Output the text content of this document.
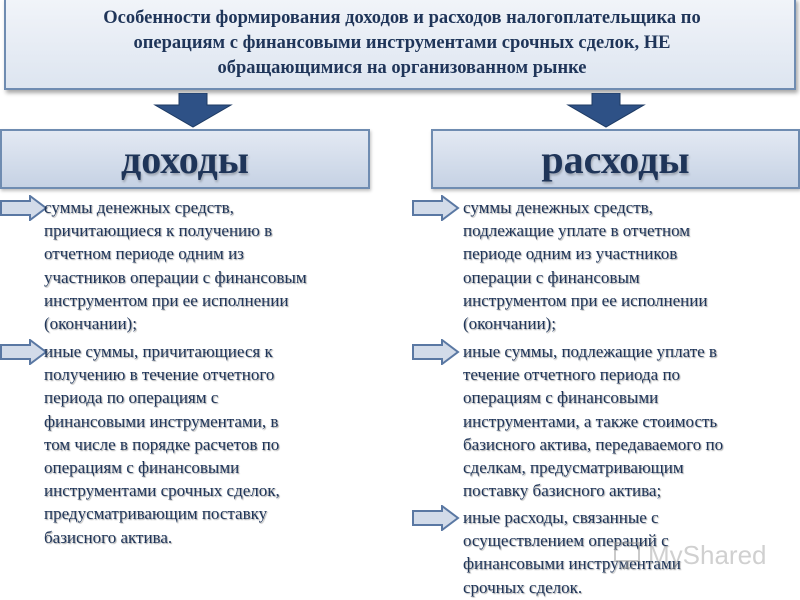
Особенности формирования доходов и расходов налогоплательщика по
операциям с финансовыми инструментами срочных сделок, НЕ
обращающимися на организованном рынке
доходы	расходы
суммы денежных средств,
причитающиеся к получению в
отчетном периоде одним из
участников операции с финансовым
инструментом при ее исполнении
(окончании);
иные суммы, причитающиеся к
получению в течение отчетного
периода по операциям с
финансовыми инструментами, в
том числе в порядке расчетов по
операциям с финансовыми
инструментами срочных сделок,
предусматривающим поставку
базисного актива.
суммы денежных средств,
подлежащие уплате в отчетном
периоде одним из участников
операции с финансовым
инструментом при ее исполнении
(окончании);
иные суммы, подлежащие уплате в
течение отчетного периода по
операциям с финансовыми
инструментами, а также стоимость
базисного актива, передаваемого по
сделкам, предусматривающим
поставку базисного актива;
иные расходы, связанные с
осуществлением операций с
финансовыми инструментами
срочных сделок.
MyShared
